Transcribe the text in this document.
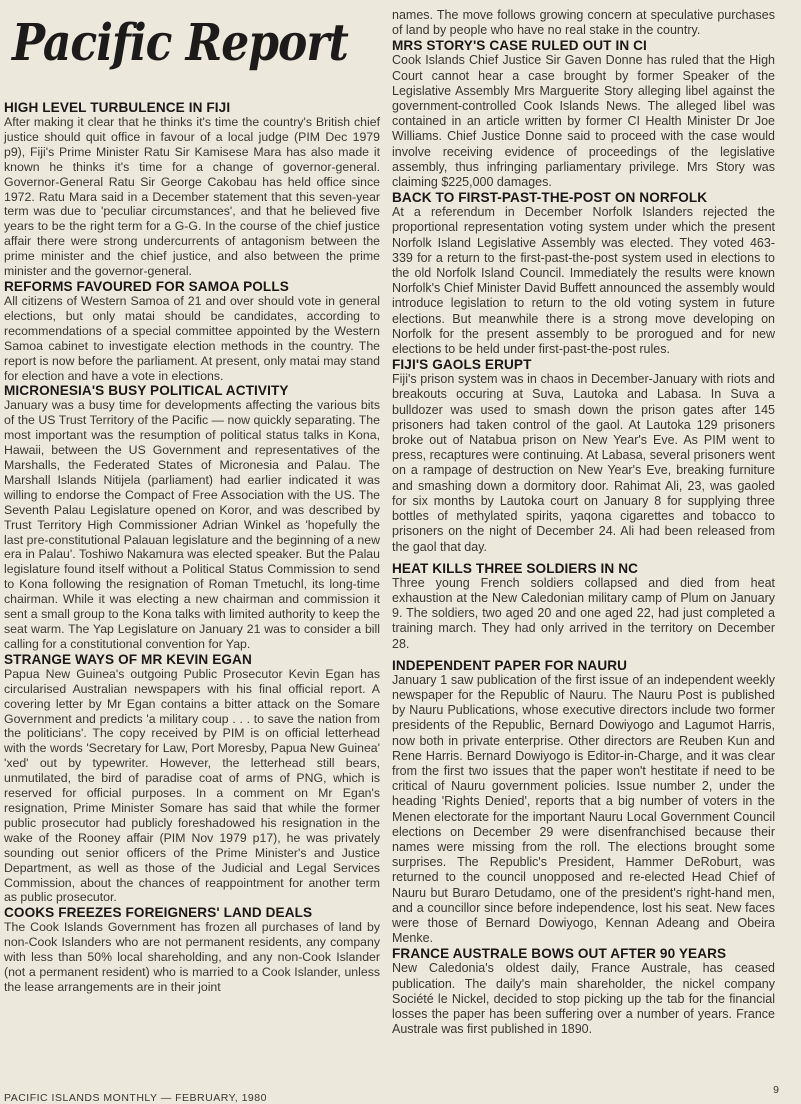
Pacific Report
HIGH LEVEL TURBULENCE IN FIJI

After making it clear that he thinks it's time the country's British chief justice should quit office in favour of a local judge (PIM Dec 1979 p9), Fiji's Prime Minister Ratu Sir Kamisese Mara has also made it known he thinks it's time for a change of governor-general. Governor-General Ratu Sir George Cakobau has held office since 1972. Ratu Mara said in a December statement that this seven-year term was due to 'peculiar circumstances', and that he believed five years to be the right term for a G-G. In the course of the chief justice affair there were strong undercurrents of antagonism between the prime minister and the chief justice, and also between the prime minister and the governor-general.

REFORMS FAVOURED FOR SAMOA POLLS

All citizens of Western Samoa of 21 and over should vote in general elections, but only matai should be candidates, according to recommendations of a special committee appointed by the Western Samoa cabinet to investigate election methods in the country. The report is now before the parliament. At present, only matai may stand for election and have a vote in elections.

MICRONESIA'S BUSY POLITICAL ACTIVITY

January was a busy time for developments affecting the various bits of the US Trust Territory of the Pacific — now quickly separating. The most important was the resumption of political status talks in Kona, Hawaii, between the US Government and representatives of the Marshalls, the Federated States of Micronesia and Palau. The Marshall Islands Nitijela (parliament) had earlier indicated it was willing to endorse the Compact of Free Association with the US. The Seventh Palau Legislature opened on Koror, and was described by Trust Territory High Commissioner Adrian Winkel as 'hopefully the last pre-constitutional Palauan legislature and the beginning of a new era in Palau'. Toshiwo Nakamura was elected speaker. But the Palau legislature found itself without a Political Status Commission to send to Kona following the resignation of Roman Tmetuchl, its long-time chairman. While it was electing a new chairman and commission it sent a small group to the Kona talks with limited authority to keep the seat warm. The Yap Legislature on January 21 was to consider a bill calling for a constitutional convention for Yap.

STRANGE WAYS OF MR KEVIN EGAN

Papua New Guinea's outgoing Public Prosecutor Kevin Egan has circularised Australian newspapers with his final official report. A covering letter by Mr Egan contains a bitter attack on the Somare Government and predicts 'a military coup . . . to save the nation from the politicians'. The copy received by PIM is on official letterhead with the words 'Secretary for Law, Port Moresby, Papua New Guinea' 'xed' out by typewriter. However, the letterhead still bears, unmutilated, the bird of paradise coat of arms of PNG, which is reserved for official purposes. In a comment on Mr Egan's resignation, Prime Minister Somare has said that while the former public prosecutor had publicly foreshadowed his resignation in the wake of the Rooney affair (PIM Nov 1979 p17), he was privately sounding out senior officers of the Prime Minister's and Justice Department, as well as those of the Judicial and Legal Services Commission, about the chances of reappointment for another term as public prosecutor.

COOKS FREEZES FOREIGNERS' LAND DEALS

The Cook Islands Government has frozen all purchases of land by non-Cook Islanders who are not permanent residents, any company with less than 50% local shareholding, and any non-Cook Islander (not a permanent resident) who is married to a Cook Islander, unless the lease arrangements are in their joint

names. The move follows growing concern at speculative purchases of land by people who have no real stake in the country.

MRS STORY'S CASE RULED OUT IN CI

Cook Islands Chief Justice Sir Gaven Donne has ruled that the High Court cannot hear a case brought by former Speaker of the Legislative Assembly Mrs Marguerite Story alleging libel against the government-controlled Cook Islands News. The alleged libel was contained in an article written by former CI Health Minister Dr Joe Williams. Chief Justice Donne said to proceed with the case would involve receiving evidence of proceedings of the legislative assembly, thus infringing parliamentary privilege. Mrs Story was claiming $225,000 damages.

BACK TO FIRST-PAST-THE-POST ON NORFOLK

At a referendum in December Norfolk Islanders rejected the proportional representation voting system under which the present Norfolk Island Legislative Assembly was elected. They voted 463-339 for a return to the first-past-the-post system used in elections to the old Norfolk Island Council. Immediately the results were known Norfolk's Chief Minister David Buffett announced the assembly would introduce legislation to return to the old voting system in future elections. But meanwhile there is a strong move developing on Norfolk for the present assembly to be prorogued and for new elections to be held under first-past-the-post rules.

FIJI'S GAOLS ERUPT

Fiji's prison system was in chaos in December-January with riots and breakouts occuring at Suva, Lautoka and Labasa. In Suva a bulldozer was used to smash down the prison gates after 145 prisoners had taken control of the gaol. At Lautoka 129 prisoners broke out of Natabua prison on New Year's Eve. As PIM went to press, recaptures were continuing. At Labasa, several prisoners went on a rampage of destruction on New Year's Eve, breaking furniture and smashing down a dormitory door. Rahimat Ali, 23, was gaoled for six months by Lautoka court on January 8 for supplying three bottles of methylated spirits, yaqona cigarettes and tobacco to prisoners on the night of December 24. Ali had been released from the gaol that day.

HEAT KILLS THREE SOLDIERS IN NC

Three young French soldiers collapsed and died from heat exhaustion at the New Caledonian military camp of Plum on January 9. The soldiers, two aged 20 and one aged 22, had just completed a training march. They had only arrived in the territory on December 28.

INDEPENDENT PAPER FOR NAURU

January 1 saw publication of the first issue of an independent weekly newspaper for the Republic of Nauru. The Nauru Post is published by Nauru Publications, whose executive directors include two former presidents of the Republic, Bernard Dowiyogo and Lagumot Harris, now both in private enterprise. Other directors are Reuben Kun and Rene Harris. Bernard Dowiyogo is Editor-in-Charge, and it was clear from the first two issues that the paper won't hestitate if need to be critical of Nauru government policies. Issue number 2, under the heading 'Rights Denied', reports that a big number of voters in the Menen electorate for the important Nauru Local Government Council elections on December 29 were disenfranchised because their names were missing from the roll. The elections brought some surprises. The Republic's President, Hammer DeRoburt, was returned to the council unopposed and re-elected Head Chief of Nauru but Buraro Detudamo, one of the president's right-hand men, and a councillor since before independence, lost his seat. New faces were those of Bernard Dowiyogo, Kennan Adeang and Obeira Menke.

FRANCE AUSTRALE BOWS OUT AFTER 90 YEARS

New Caledonia's oldest daily, France Australe, has ceased publication. The daily's main shareholder, the nickel company Société le Nickel, decided to stop picking up the tab for the financial losses the paper has been suffering over a number of years. France Australe was first published in 1890.

PACIFIC ISLANDS MONTHLY — FEBRUARY, 1980
9
